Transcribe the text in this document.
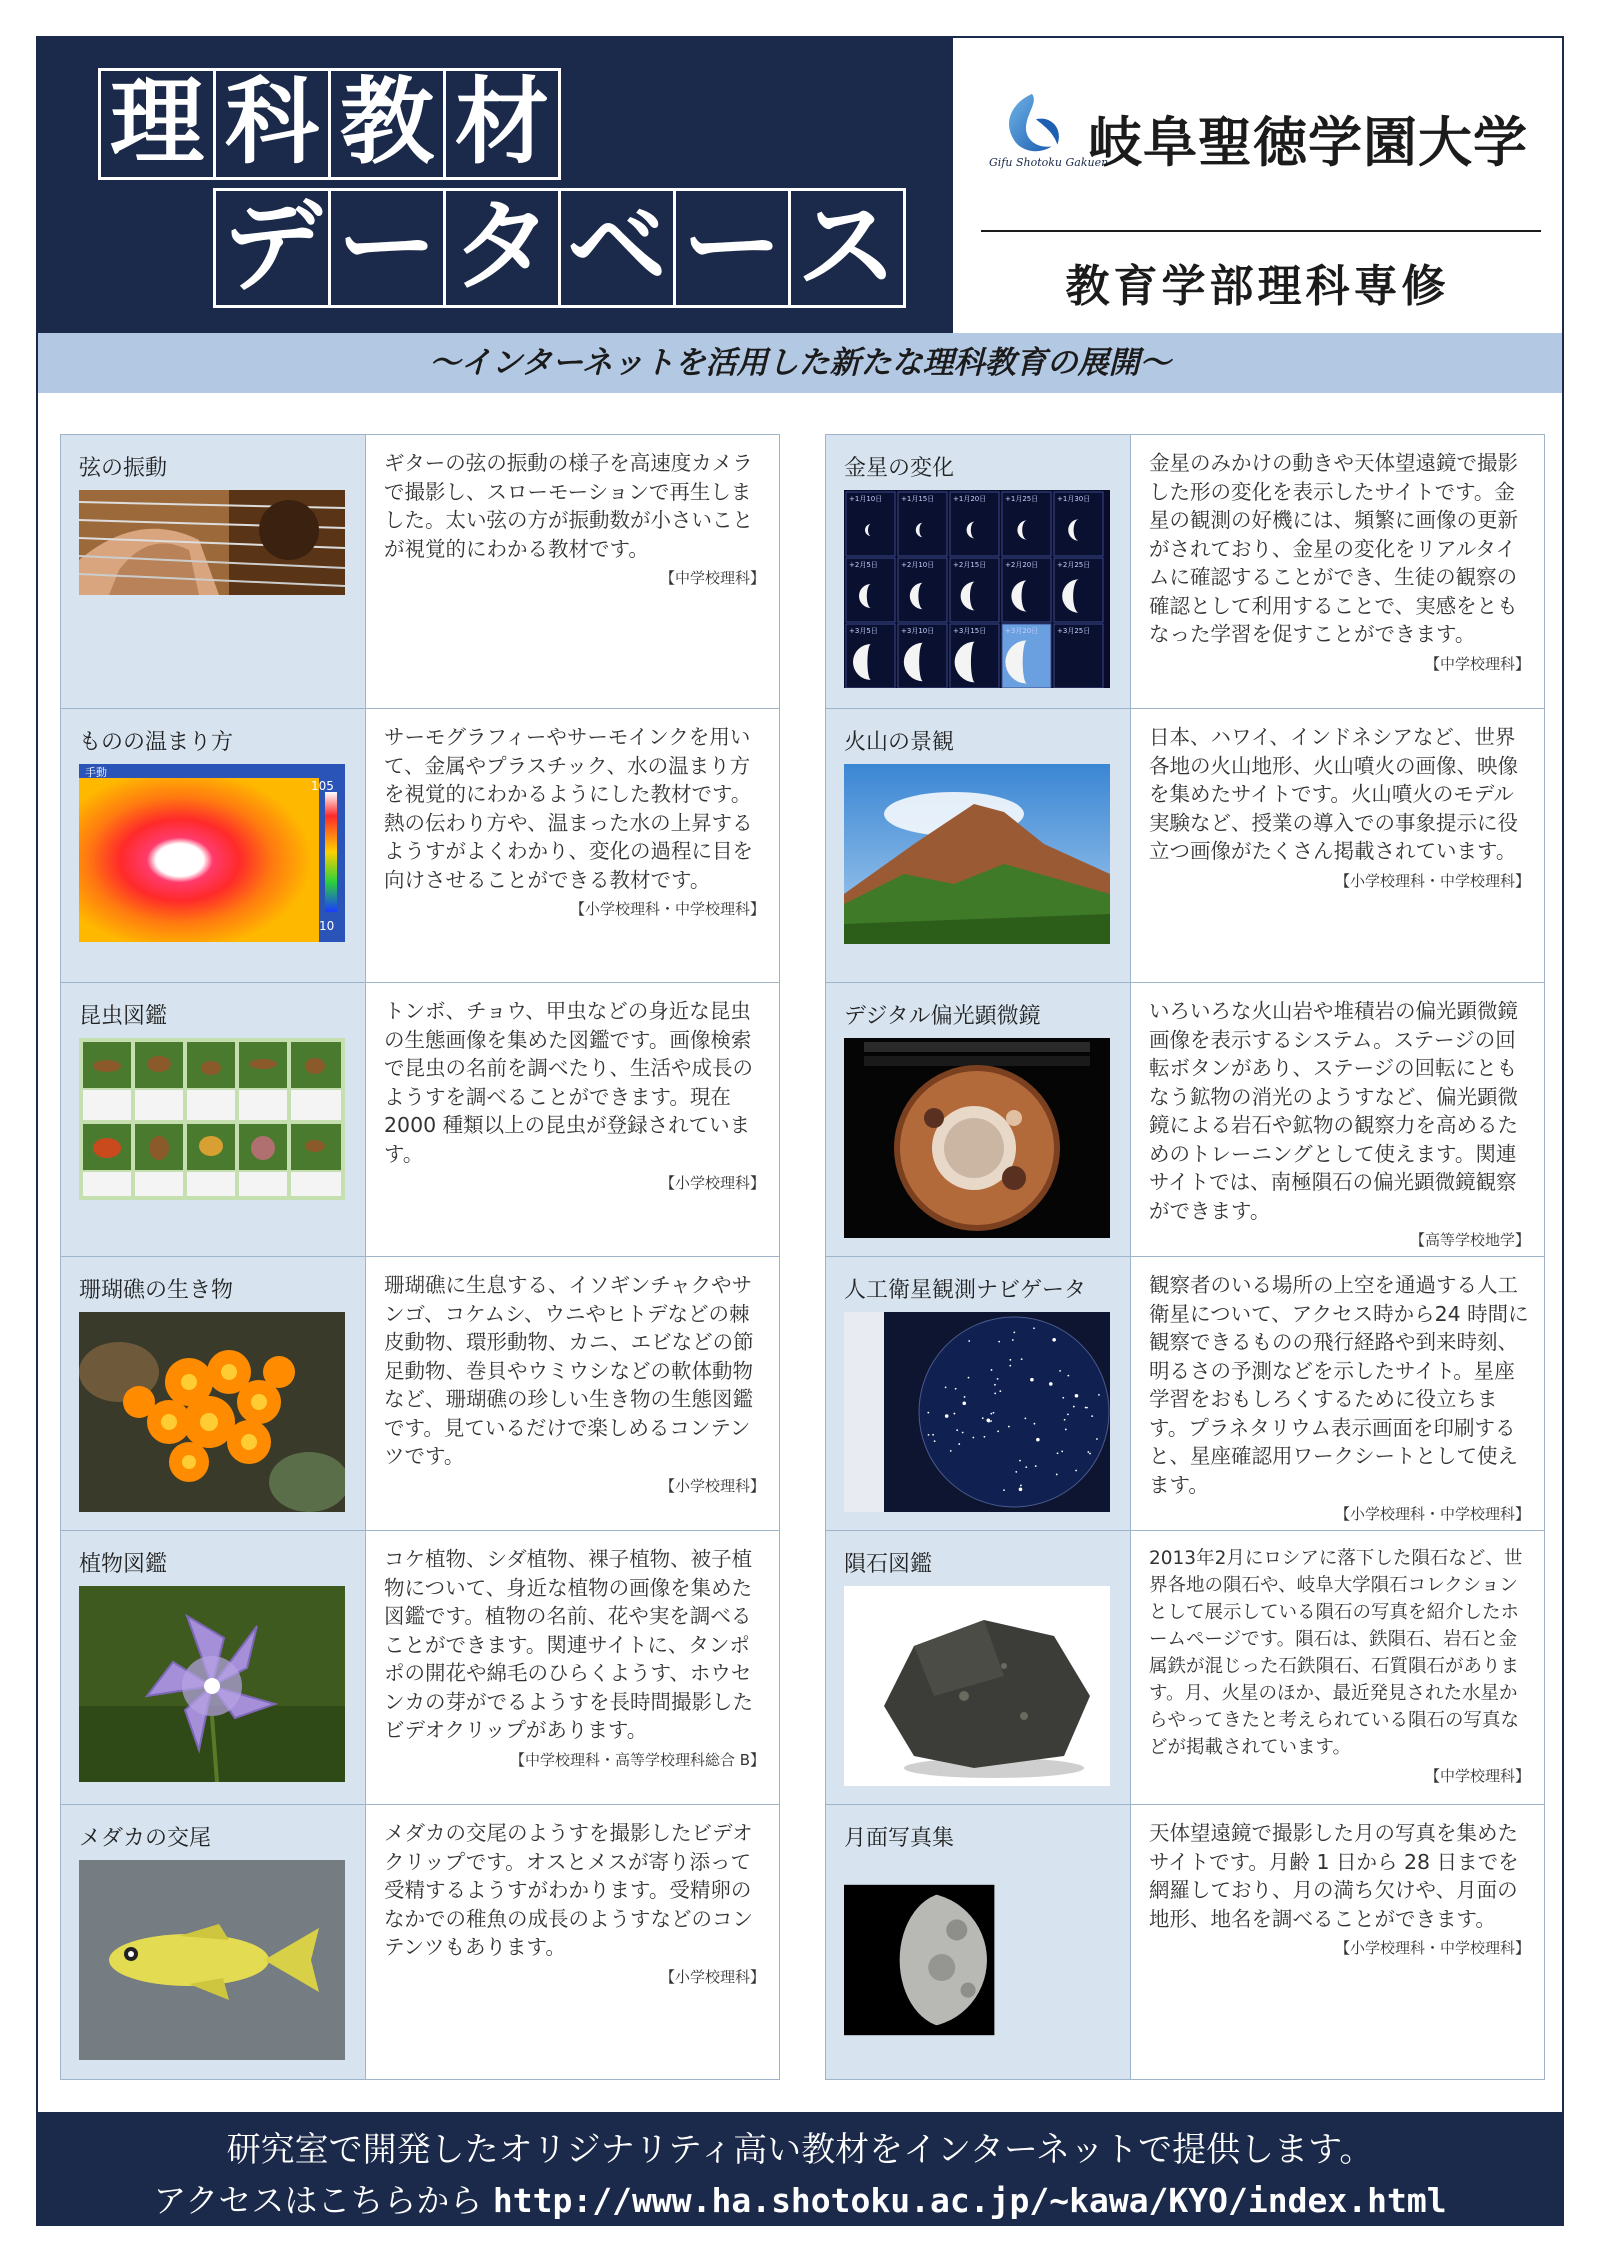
理 科 教 材
デ ー タ ベ ー ス
Gifu Shotoku Gakuen
岐阜聖徳学園大学
教育学部理科専修
〜インターネットを活用した新たな理科教育の展開〜
弦の振動	ギターの弦の振動の様子を高速度カメラで撮影し、スローモーションで再生しました。太い弦の方が振動数が小さいことが視覚的にわかる教材です。
【中学校理科】
ものの温まり方
手動
105
10
サーモグラフィーやサーモインクを用いて、金属やプラスチック、水の温まり方を視覚的にわかるようにした教材です。熱の伝わり方や、温まった水の上昇するようすがよくわかり、変化の過程に目を向けさせることができる教材です。
【小学校理科・中学校理科】
昆虫図鑑	トンボ、チョウ、甲虫などの身近な昆虫の生態画像を集めた図鑑です。画像検索で昆虫の名前を調べたり、生活や成長のようすを調べることができます。現在 2000 種類以上の昆虫が登録されています。
【小学校理科】
珊瑚礁の生き物	珊瑚礁に生息する、イソギンチャクやサンゴ、コケムシ、ウニやヒトデなどの棘皮動物、環形動物、カニ、エビなどの節足動物、巻貝やウミウシなどの軟体動物など、珊瑚礁の珍しい生き物の生態図鑑です。見ているだけで楽しめるコンテンツです。
【小学校理科】
植物図鑑	コケ植物、シダ植物、裸子植物、被子植物について、身近な植物の画像を集めた図鑑です。植物の名前、花や実を調べることができます。関連サイトに、タンポポの開花や綿毛のひらくようす、ホウセンカの芽がでるようすを長時間撮影したビデオクリップがあります。
【中学校理科・高等学校理科総合 B】
メダカの交尾	メダカの交尾のようすを撮影したビデオクリップです。オスとメスが寄り添って受精するようすがわかります。受精卵のなかでの稚魚の成長のようすなどのコンテンツもあります。
【小学校理科】
金星の変化
+1月10日	+1月15日	+1月20日	+1月25日	+1月30日
+2月5日	+2月10日	+2月15日	+2月20日	+2月25日
+3月5日	+3月10日	+3月15日	+3月20日	+3月25日
金星のみかけの動きや天体望遠鏡で撮影した形の変化を表示したサイトです。金星の観測の好機には、頻繁に画像の更新がされており、金星の変化をリアルタイムに確認することができ、生徒の観察の確認として利用することで、実感をともなった学習を促すことができます。
【中学校理科】
火山の景観	日本、ハワイ、インドネシアなど、世界各地の火山地形、火山噴火の画像、映像を集めたサイトです。火山噴火のモデル実験など、授業の導入での事象提示に役立つ画像がたくさん掲載されています。
【小学校理科・中学校理科】
デジタル偏光顕微鏡	いろいろな火山岩や堆積岩の偏光顕微鏡画像を表示するシステム。ステージの回転ボタンがあり、ステージの回転にともなう鉱物の消光のようすなど、偏光顕微鏡による岩石や鉱物の観察力を高めるためのトレーニングとして使えます。関連サイトでは、南極隕石の偏光顕微鏡観察ができます。
【高等学校地学】
人工衛星観測ナビゲータ	観察者のいる場所の上空を通過する人工衛星について、アクセス時から24 時間に観察できるものの飛行経路や到来時刻、明るさの予測などを示したサイト。星座学習をおもしろくするために役立ちます。プラネタリウム表示画面を印刷すると、星座確認用ワークシートとして使えます。
【小学校理科・中学校理科】
隕石図鑑	2013年2月にロシアに落下した隕石など、世界各地の隕石や、岐阜大学隕石コレクションとして展示している隕石の写真を紹介したホームページです。隕石は、鉄隕石、岩石と金属鉄が混じった石鉄隕石、石質隕石があります。月、火星のほか、最近発見された水星からやってきたと考えられている隕石の写真などが掲載されています。
【中学校理科】
月面写真集	天体望遠鏡で撮影した月の写真を集めたサイトです。月齢 1 日から 28 日までを網羅しており、月の満ち欠けや、月面の地形、地名を調べることができます。
【小学校理科・中学校理科】
研究室で開発したオリジナリティ高い教材をインターネットで提供します。
アクセスはこちらから http://www.ha.shotoku.ac.jp/~kawa/KYO/index.html
